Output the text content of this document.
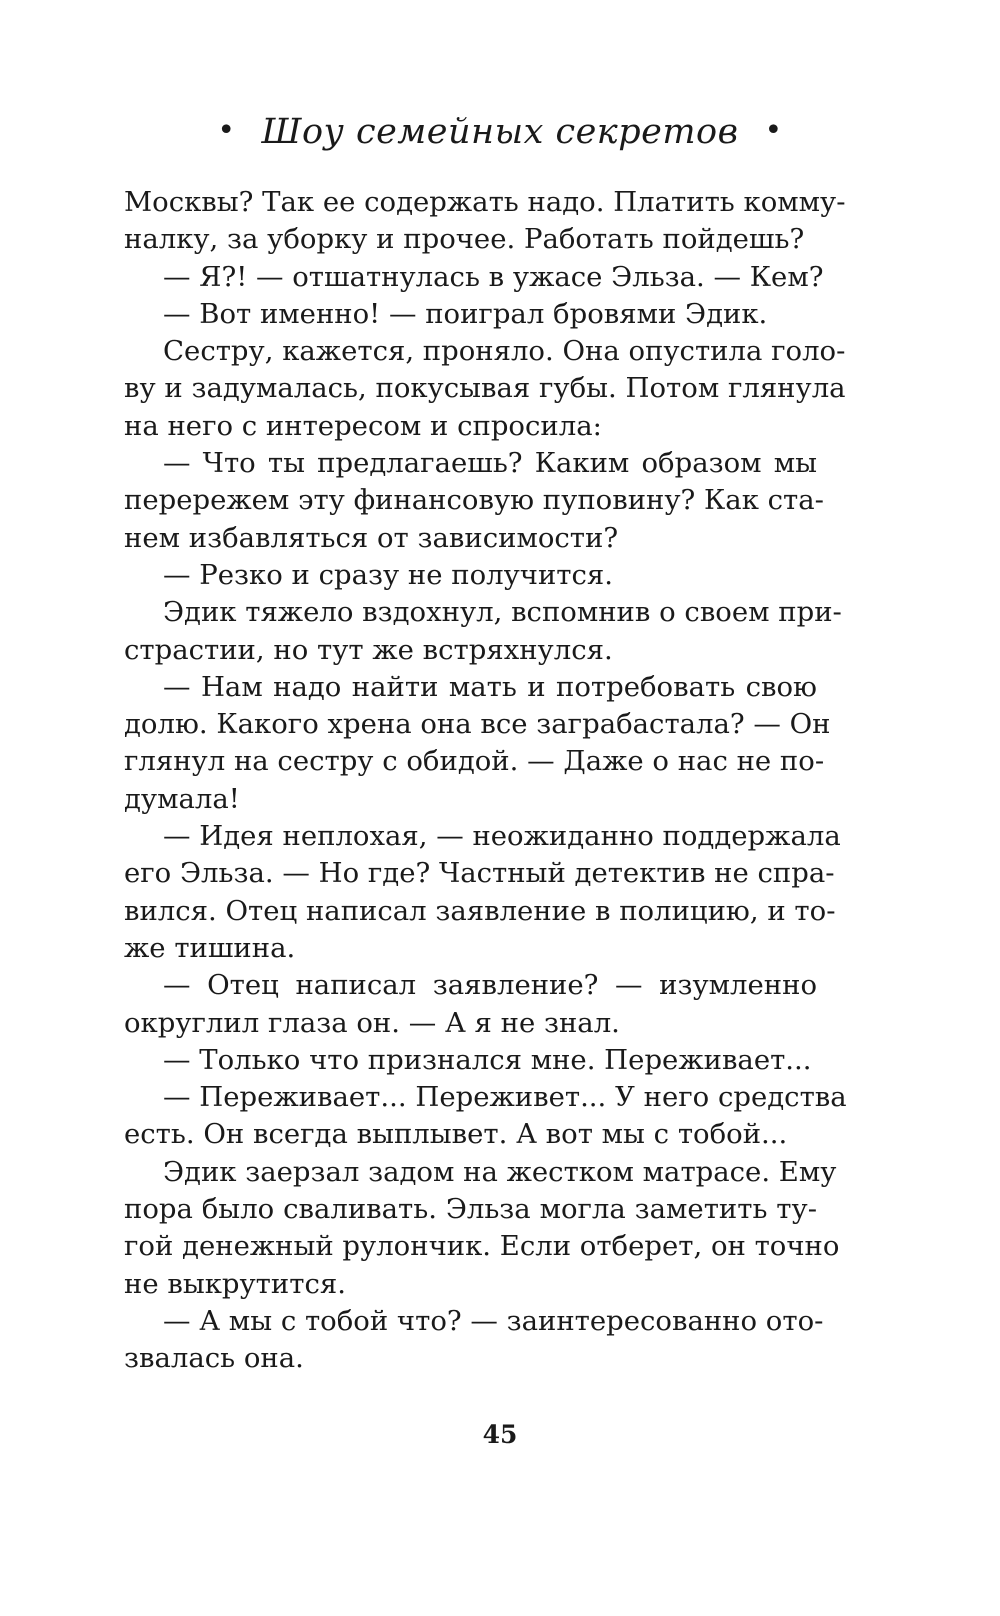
• Шоу семейных секретов •
Москвы? Так ее содержать надо. Платить комму-
налку, за уборку и прочее. Работать пойдешь?
— Я?! — отшатнулась в ужасе Эльза. — Кем?
— Вот именно! — поиграл бровями Эдик.
Сестру, кажется, проняло. Она опустила голо-
ву и задумалась, покусывая губы. Потом глянула
на него с интересом и спросила:
— Что ты предлагаешь? Каким образом мы
перережем эту финансовую пуповину? Как ста-
нем избавляться от зависимости?
— Резко и сразу не получится.
Эдик тяжело вздохнул, вспомнив о своем при-
страстии, но тут же встряхнулся.
— Нам надо найти мать и потребовать свою
долю. Какого хрена она все заграбастала? — Он
глянул на сестру с обидой. — Даже о нас не по-
думала!
— Идея неплохая, — неожиданно поддержала
его Эльза. — Но где? Частный детектив не спра-
вился. Отец написал заявление в полицию, и то-
же тишина.
— Отец написал заявление? — изумленно
округлил глаза он. — А я не знал.
— Только что признался мне. Переживает...
— Переживает... Переживет... У него средства
есть. Он всегда выплывет. А вот мы с тобой...
Эдик заерзал задом на жестком матрасе. Ему
пора было сваливать. Эльза могла заметить ту-
гой денежный рулончик. Если отберет, он точно
не выкрутится.
— А мы с тобой что? — заинтересованно ото-
звалась она.
45
